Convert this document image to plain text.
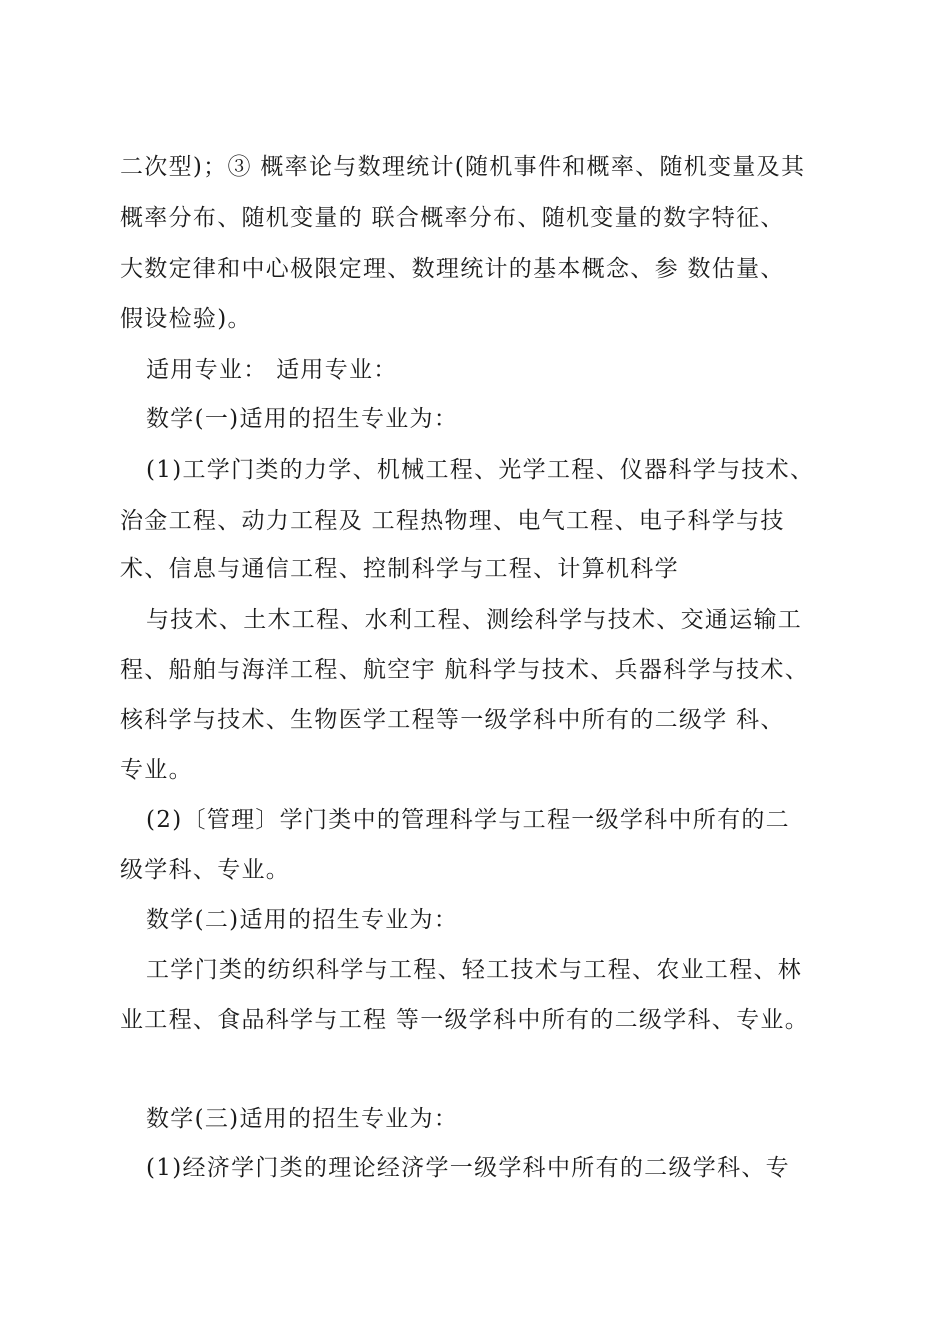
二次型)；③ 概率论与数理统计(随机事件和概率、随机变量及其

概率分布、随机变量的 联合概率分布、随机变量的数字特征、

大数定律和中心极限定理、数理统计的基本概念、参 数估量、

假设检验)。

适用专业： 适用专业：

数学(一)适用的招生专业为：

(1)工学门类的力学、机械工程、光学工程、仪器科学与技术、

治金工程、动力工程及 工程热物理、电气工程、电子科学与技

术、信息与通信工程、控制科学与工程、计算机科学

与技术、土木工程、水利工程、测绘科学与技术、交通运输工

程、船舶与海洋工程、航空宇 航科学与技术、兵器科学与技术、

核科学与技术、生物医学工程等一级学科中所有的二级学 科、

专业。

(2)〔管理〕学门类中的管理科学与工程一级学科中所有的二

级学科、专业。

数学(二)适用的招生专业为：

工学门类的纺织科学与工程、轻工技术与工程、农业工程、林

业工程、食品科学与工程 等一级学科中所有的二级学科、专业。

数学(三)适用的招生专业为：

(1)经济学门类的理论经济学一级学科中所有的二级学科、专
